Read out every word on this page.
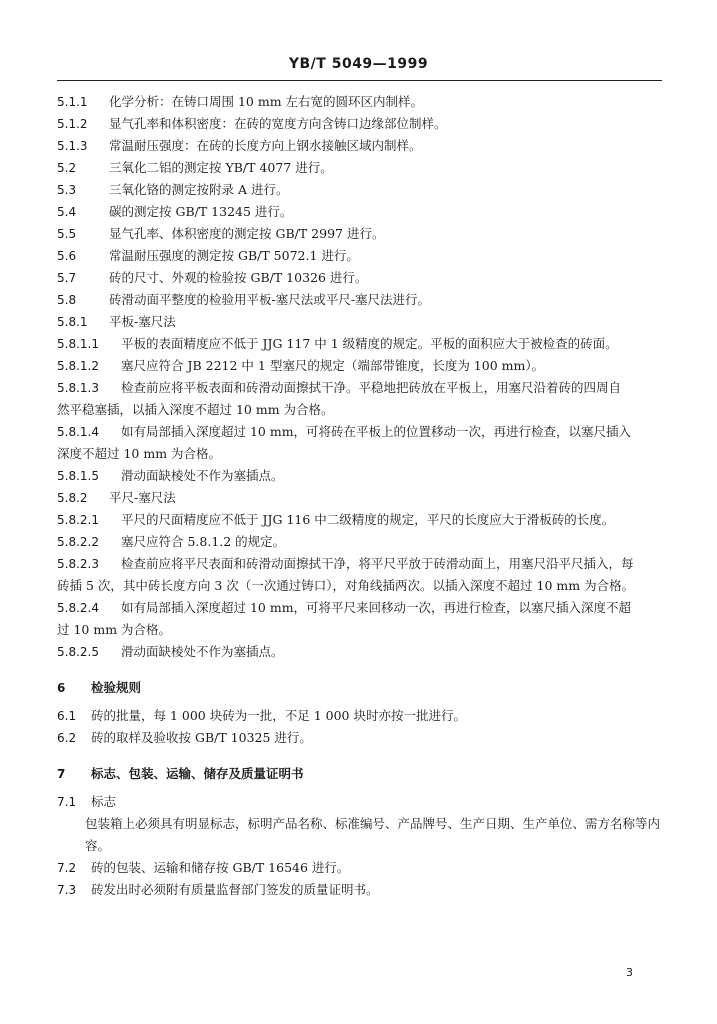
YB/T 5049—1999
5.1.1 化学分析：在铸口周围 10 mm 左右宽的圆环区内制样。
5.1.2 显气孔率和体积密度：在砖的宽度方向含铸口边缘部位制样。
5.1.3 常温耐压强度：在砖的长度方向上钢水接触区域内制样。
5.2	三氧化二铝的测定按 YB/T 4077 进行。
5.3	三氧化铬的测定按附录 A 进行。
5.4	碳的测定按 GB/T 13245 进行。
5.5	显气孔率、体积密度的测定按 GB/T 2997 进行。
5.6	常温耐压强度的测定按 GB/T 5072.1 进行。
5.7	砖的尺寸、外观的检验按 GB/T 10326 进行。
5.8	砖滑动面平整度的检验用平板-塞尺法或平尺-塞尺法进行。
5.8.1 平板-塞尺法
5.8.1.1 平板的表面精度应不低于 JJG 117 中 1 级精度的规定。平板的面积应大于被检查的砖面。
5.8.1.2 塞尺应符合 JB 2212 中 1 型塞尺的规定（端部带锥度，长度为 100 mm）。
5.8.1.3 检查前应将平板表面和砖滑动面擦拭干净。平稳地把砖放在平板上，用塞尺沿着砖的四周自
然平稳塞插，以插入深度不超过 10 mm 为合格。
5.8.1.4 如有局部插入深度超过 10 mm，可将砖在平板上的位置移动一次，再进行检查，以塞尺插入
深度不超过 10 mm 为合格。
5.8.1.5 滑动面缺棱处不作为塞插点。
5.8.2 平尺-塞尺法
5.8.2.1 平尺的尺面精度应不低于 JJG 116 中二级精度的规定，平尺的长度应大于滑板砖的长度。
5.8.2.2 塞尺应符合 5.8.1.2 的规定。
5.8.2.3 检查前应将平尺表面和砖滑动面擦拭干净，将平尺平放于砖滑动面上，用塞尺沿平尺插入，每
砖插 5 次，其中砖长度方向 3 次（一次通过铸口），对角线插两次。以插入深度不超过 10 mm 为合格。
5.8.2.4 如有局部插入深度超过 10 mm，可将平尺来回移动一次，再进行检查，以塞尺插入深度不超
过 10 mm 为合格。
5.8.2.5 滑动面缺棱处不作为塞插点。
6 检验规则
6.1 砖的批量，每 1 000 块砖为一批，不足 1 000 块时亦按一批进行。
6.2 砖的取样及验收按 GB/T 10325 进行。
7 标志、包装、运输、储存及质量证明书
7.1 标志
包装箱上必须具有明显标志，标明产品名称、标准编号、产品牌号、生产日期、生产单位、需方名称等内容。
7.2 砖的包装、运输和储存按 GB/T 16546 进行。
7.3 砖发出时必须附有质量监督部门签发的质量证明书。
3
